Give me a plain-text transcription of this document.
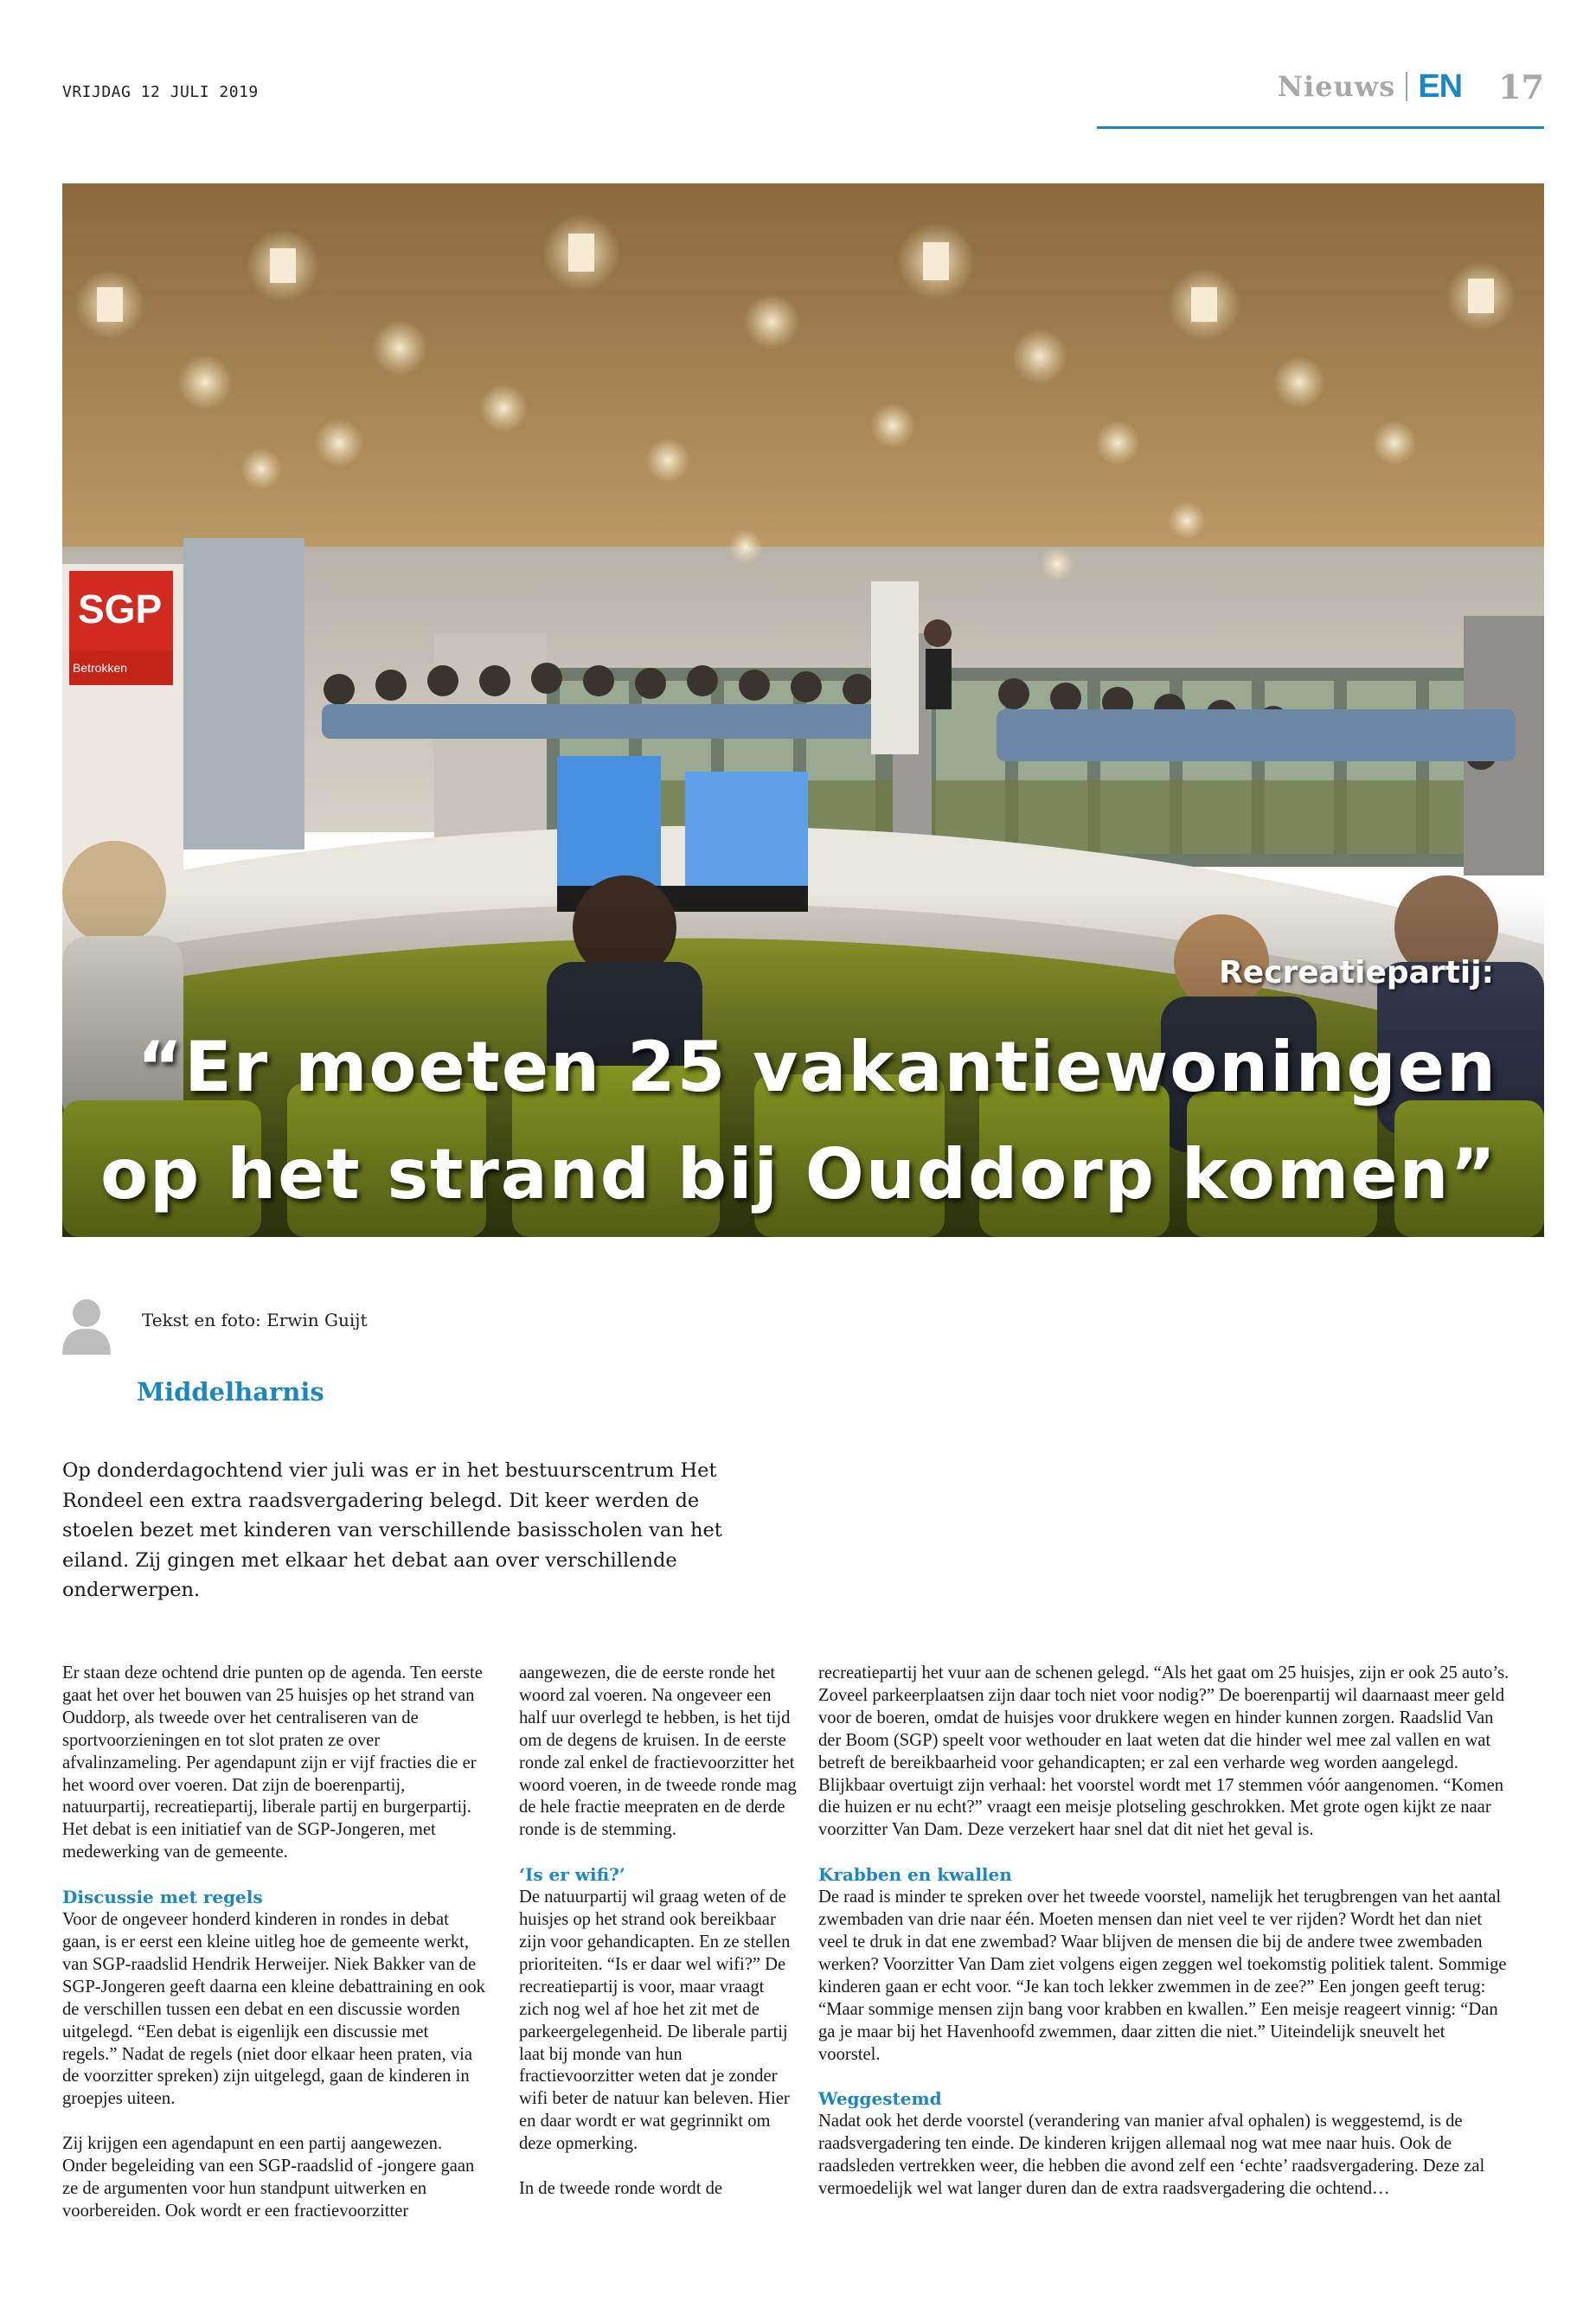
VRIJDAG 12 JULI 2019	Nieuws EN 17
SGP
Betrokken
Recreatiepartij:
“Er moeten 25 vakantiewoningen
op het strand bij Ouddorp komen”
Tekst en foto: Erwin Guijt
Middelharnis
Op donderdagochtend vier juli was er in het bestuurscentrum Het Rondeel een extra raadsvergadering belegd. Dit keer werden de stoelen bezet met kinderen van verschillende basisscholen van het eiland. Zij gingen met elkaar het debat aan over verschillende onderwerpen.

Er staan deze ochtend drie punten op de agenda. Ten eerste gaat het over het bouwen van 25 huisjes op het strand van Ouddorp, als tweede over het centraliseren van de sportvoorzieningen en tot slot praten ze over afvalinzameling. Per agendapunt zijn er vijf fracties die er het woord over voeren. Dat zijn de boerenpartij, natuurpartij, recreatiepartij, liberale partij en burgerpartij. Het debat is een initiatief van de SGP-Jongeren, met medewerking van de gemeente.

Discussie met regels

Voor de ongeveer honderd kinderen in rondes in debat gaan, is er eerst een kleine uitleg hoe de gemeente werkt, van SGP-raadslid Hendrik Herweijer. Niek Bakker van de SGP-Jongeren geeft daarna een kleine debattraining en ook de verschillen tussen een debat en een discussie worden uitgelegd. “Een debat is eigenlijk een discussie met regels.” Nadat de regels (niet door elkaar heen praten, via de voorzitter spreken) zijn uitgelegd, gaan de kinderen in groepjes uiteen.

Zij krijgen een agendapunt en een partij aangewezen. Onder begeleiding van een SGP-raadslid of -jongere gaan ze de argumenten voor hun standpunt uitwerken en voorbereiden. Ook wordt er een fractievoorzitter

aangewezen, die de eerste ronde het woord zal voeren. Na ongeveer een half uur overlegd te hebben, is het tijd om de degens de kruisen. In de eerste ronde zal enkel de fractievoorzitter het woord voeren, in de tweede ronde mag de hele fractie meepraten en de derde ronde is de stemming.

‘Is er wifi?’

De natuurpartij wil graag weten of de huisjes op het strand ook bereikbaar zijn voor gehandicapten. En ze stellen prioriteiten. “Is er daar wel wifi?” De recreatiepartij is voor, maar vraagt zich nog wel af hoe het zit met de parkeergelegenheid. De liberale partij laat bij monde van hun fractievoorzitter weten dat je zonder wifi beter de natuur kan beleven. Hier en daar wordt er wat gegrinnikt om deze opmerking.

In de tweede ronde wordt de

recreatiepartij het vuur aan de schenen gelegd. “Als het gaat om 25 huisjes, zijn er ook 25 auto’s. Zoveel parkeerplaatsen zijn daar toch niet voor nodig?” De boerenpartij wil daarnaast meer geld voor de boeren, omdat de huisjes voor drukkere wegen en hinder kunnen zorgen. Raadslid Van der Boom (SGP) speelt voor wethouder en laat weten dat die hinder wel mee zal vallen en wat betreft de bereikbaarheid voor gehandicapten; er zal een verharde weg worden aangelegd. Blijkbaar overtuigt zijn verhaal: het voorstel wordt met 17 stemmen vóór aangenomen. “Komen die huizen er nu echt?” vraagt een meisje plotseling geschrokken. Met grote ogen kijkt ze naar voorzitter Van Dam. Deze verzekert haar snel dat dit niet het geval is.

Krabben en kwallen

De raad is minder te spreken over het tweede voorstel, namelijk het terugbrengen van het aantal zwembaden van drie naar één. Moeten mensen dan niet veel te ver rijden? Wordt het dan niet veel te druk in dat ene zwembad? Waar blijven de mensen die bij de andere twee zwembaden werken? Voorzitter Van Dam ziet volgens eigen zeggen wel toekomstig politiek talent. Sommige kinderen gaan er echt voor. “Je kan toch lekker zwemmen in de zee?” Een jongen geeft terug: “Maar sommige mensen zijn bang voor krabben en kwallen.” Een meisje reageert vinnig: “Dan ga je maar bij het Havenhoofd zwemmen, daar zitten die niet.” Uiteindelijk sneuvelt het voorstel.

Weggestemd

Nadat ook het derde voorstel (verandering van manier afval ophalen) is weggestemd, is de raadsvergadering ten einde. De kinderen krijgen allemaal nog wat mee naar huis. Ook de raadsleden vertrekken weer, die hebben die avond zelf een ‘echte’ raadsvergadering. Deze zal vermoedelijk wel wat langer duren dan de extra raadsvergadering die ochtend…
